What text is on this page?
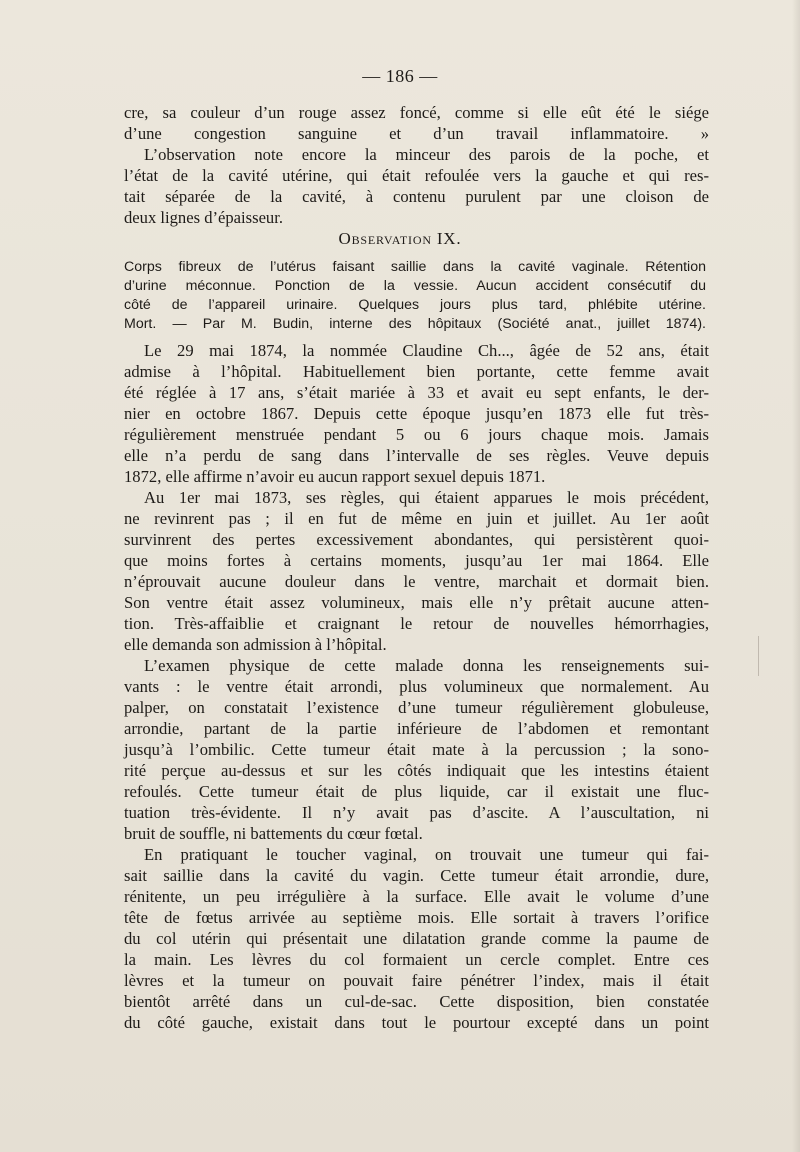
— 186 —
cre, sa couleur d’un rouge assez foncé, comme si elle eût été le siége
d’une congestion sanguine et d’un travail inflammatoire. »
L’observation note encore la minceur des parois de la poche, et
l’état de la cavité utérine, qui était refoulée vers la gauche et qui res-
tait séparée de la cavité, à contenu purulent par une cloison de
deux lignes d’épaisseur.
Observation IX.
Corps fibreux de l’utérus faisant saillie dans la cavité vaginale. Rétention
d’urine méconnue. Ponction de la vessie. Aucun accident consécutif du
côté de l’appareil urinaire. Quelques jours plus tard, phlébite utérine.
Mort. — Par M. Budin, interne des hôpitaux (Société anat., juillet 1874).
Le 29 mai 1874, la nommée Claudine Ch..., âgée de 52 ans, était
admise à l’hôpital. Habituellement bien portante, cette femme avait
été réglée à 17 ans, s’était mariée à 33 et avait eu sept enfants, le der-
nier en octobre 1867. Depuis cette époque jusqu’en 1873 elle fut très-
régulièrement menstruée pendant 5 ou 6 jours chaque mois. Jamais
elle n’a perdu de sang dans l’intervalle de ses règles. Veuve depuis
1872, elle affirme n’avoir eu aucun rapport sexuel depuis 1871.
Au 1er mai 1873, ses règles, qui étaient apparues le mois précédent,
ne revinrent pas ; il en fut de même en juin et juillet. Au 1er août
survinrent des pertes excessivement abondantes, qui persistèrent quoi-
que moins fortes à certains moments, jusqu’au 1er mai 1864. Elle
n’éprouvait aucune douleur dans le ventre, marchait et dormait bien.
Son ventre était assez volumineux, mais elle n’y prêtait aucune atten-
tion. Très-affaiblie et craignant le retour de nouvelles hémorrhagies,
elle demanda son admission à l’hôpital.
L’examen physique de cette malade donna les renseignements sui-
vants : le ventre était arrondi, plus volumineux que normalement. Au
palper, on constatait l’existence d’une tumeur régulièrement globuleuse,
arrondie, partant de la partie inférieure de l’abdomen et remontant
jusqu’à l’ombilic. Cette tumeur était mate à la percussion ; la sono-
rité perçue au-dessus et sur les côtés indiquait que les intestins étaient
refoulés. Cette tumeur était de plus liquide, car il existait une fluc-
tuation très-évidente. Il n’y avait pas d’ascite. A l’auscultation, ni
bruit de souffle, ni battements du cœur fœtal.
En pratiquant le toucher vaginal, on trouvait une tumeur qui fai-
sait saillie dans la cavité du vagin. Cette tumeur était arrondie, dure,
rénitente, un peu irrégulière à la surface. Elle avait le volume d’une
tête de fœtus arrivée au septième mois. Elle sortait à travers l’orifice
du col utérin qui présentait une dilatation grande comme la paume de
la main. Les lèvres du col formaient un cercle complet. Entre ces
lèvres et la tumeur on pouvait faire pénétrer l’index, mais il était
bientôt arrêté dans un cul-de-sac. Cette disposition, bien constatée
du côté gauche, existait dans tout le pourtour excepté dans un point
